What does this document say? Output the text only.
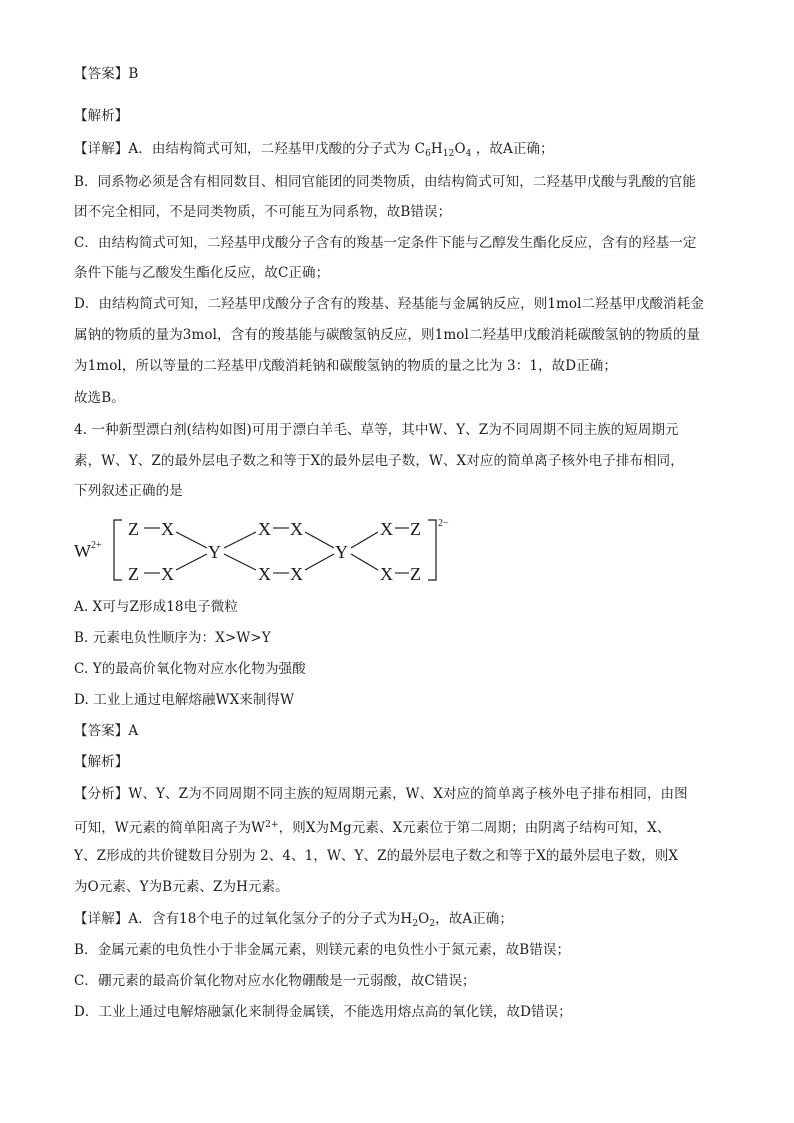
【答案】B
【解析】
【详解】A．由结构简式可知，二羟基甲戊酸的分子式为 $C_6H_{12}O_4$ ，故A正确；
B．同系物必须是含有相同数目、相同官能团的同类物质，由结构简式可知，二羟基甲戊酸与乳酸的官能
团不完全相同，不是同类物质，不可能互为同系物，故B错误；
C．由结构简式可知，二羟基甲戊酸分子含有的羧基一定条件下能与乙醇发生酯化反应，含有的羟基一定
条件下能与乙酸发生酯化反应，故C正确；
D．由结构简式可知，二羟基甲戊酸分子含有的羧基、羟基能与金属钠反应，则1mol二羟基甲戊酸消耗金
属钠的物质的量为3mol，含有的羧基能与碳酸氢钠反应，则1mol二羟基甲戊酸消耗碳酸氢钠的物质的量
为1mol，所以等量的二羟基甲戊酸消耗钠和碳酸氢钠的物质的量之比为 3：1，故D正确；
故选B。
4. 一种新型漂白剂(结构如图)可用于漂白羊毛、草等，其中W、Y、Z为不同周期不同主族的短周期元
素，W、Y、Z的最外层电子数之和等于X的最外层电子数，W、X对应的简单离子核外电子排布相同，
下列叙述正确的是
W 2+
2−
Z X
Z X
Y
X X
X X
Y
X Z
X Z
A. X可与Z形成18电子微粒
B. 元素电负性顺序为：X>W>Y
C. Y的最高价氧化物对应水化物为强酸
D. 工业上通过电解熔融WX来制得W
【答案】A
【解析】
【分析】W、Y、Z为不同周期不同主族的短周期元素，W、X对应的简单离子核外电子排布相同，由图
可知，W元素的简单阳离子为$W^{2+}$，则X为Mg元素、X元素位于第二周期；由阴离子结构可知，X、
Y、Z形成的共价键数目分别为 2、4、1，W、Y、Z的最外层电子数之和等于X的最外层电子数，则X
为O元素、Y为B元素、Z为H元素。
【详解】A．含有18个电子的过氧化氢分子的分子式为$H_2O_2$，故A正确；
B．金属元素的电负性小于非金属元素，则镁元素的电负性小于氮元素，故B错误；
C．硼元素的最高价氧化物对应水化物硼酸是一元弱酸，故C错误；
D．工业上通过电解熔融氯化来制得金属镁，不能选用熔点高的氧化镁，故D错误；
